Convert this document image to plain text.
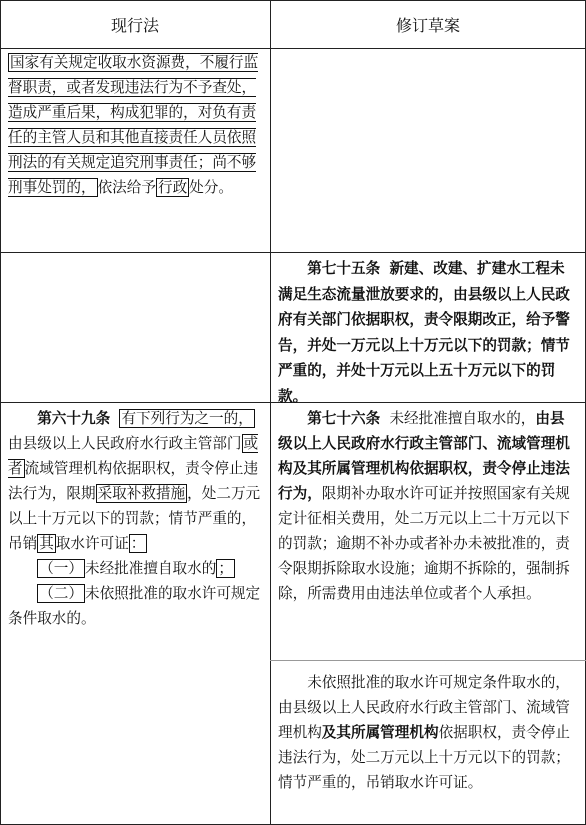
现行法	修订草案

国家有关规定收取水资源费，不履行监督职责，或者发现违法行为不予查处，造成严重后果，构成犯罪的，对负有责任的主管人员和其他直接责任人员依照刑法的有关规定追究刑事责任；尚不够刑事处罚的， 依法给予 行政 处分。

第七十五条 新建、改建、扩建水工程未满足生态流量泄放要求的，由县级以上人民政府有关部门依据职权，责令限期改正，给予警告，并处一万元以上十万元以下的罚款；情节严重的，并处十万元以上五十万元以下的罚款。

第六十九条 有下列行为之一的，由县级以上人民政府水行政主管部门 或者 流域管理机构依据职权，责令停止违法行为，限期 采取补救措施 ，处二万元以上十万元以下的罚款；情节严重的，吊销 其 取水许可证 ：

（一） 未经批准擅自取水的 ；

（二） 未依照批准的取水许可规定条件取水的。

第七十六条 未经批准擅自取水的，由县级以上人民政府水行政主管部门、流域管理机构及其所属管理机构依据职权，责令停止违法行为，限期补办取水许可证并按照国家有关规定计征相关费用，处二万元以上二十万元以下的罚款；逾期不补办或者补办未被批准的，责令限期拆除取水设施；逾期不拆除的，强制拆除，所需费用由违法单位或者个人承担。

未依照批准的取水许可规定条件取水的，由县级以上人民政府水行政主管部门、流域管理机构及其所属管理机构依据职权，责令停止违法行为，处二万元以上十万元以下的罚款；情节严重的，吊销取水许可证。
